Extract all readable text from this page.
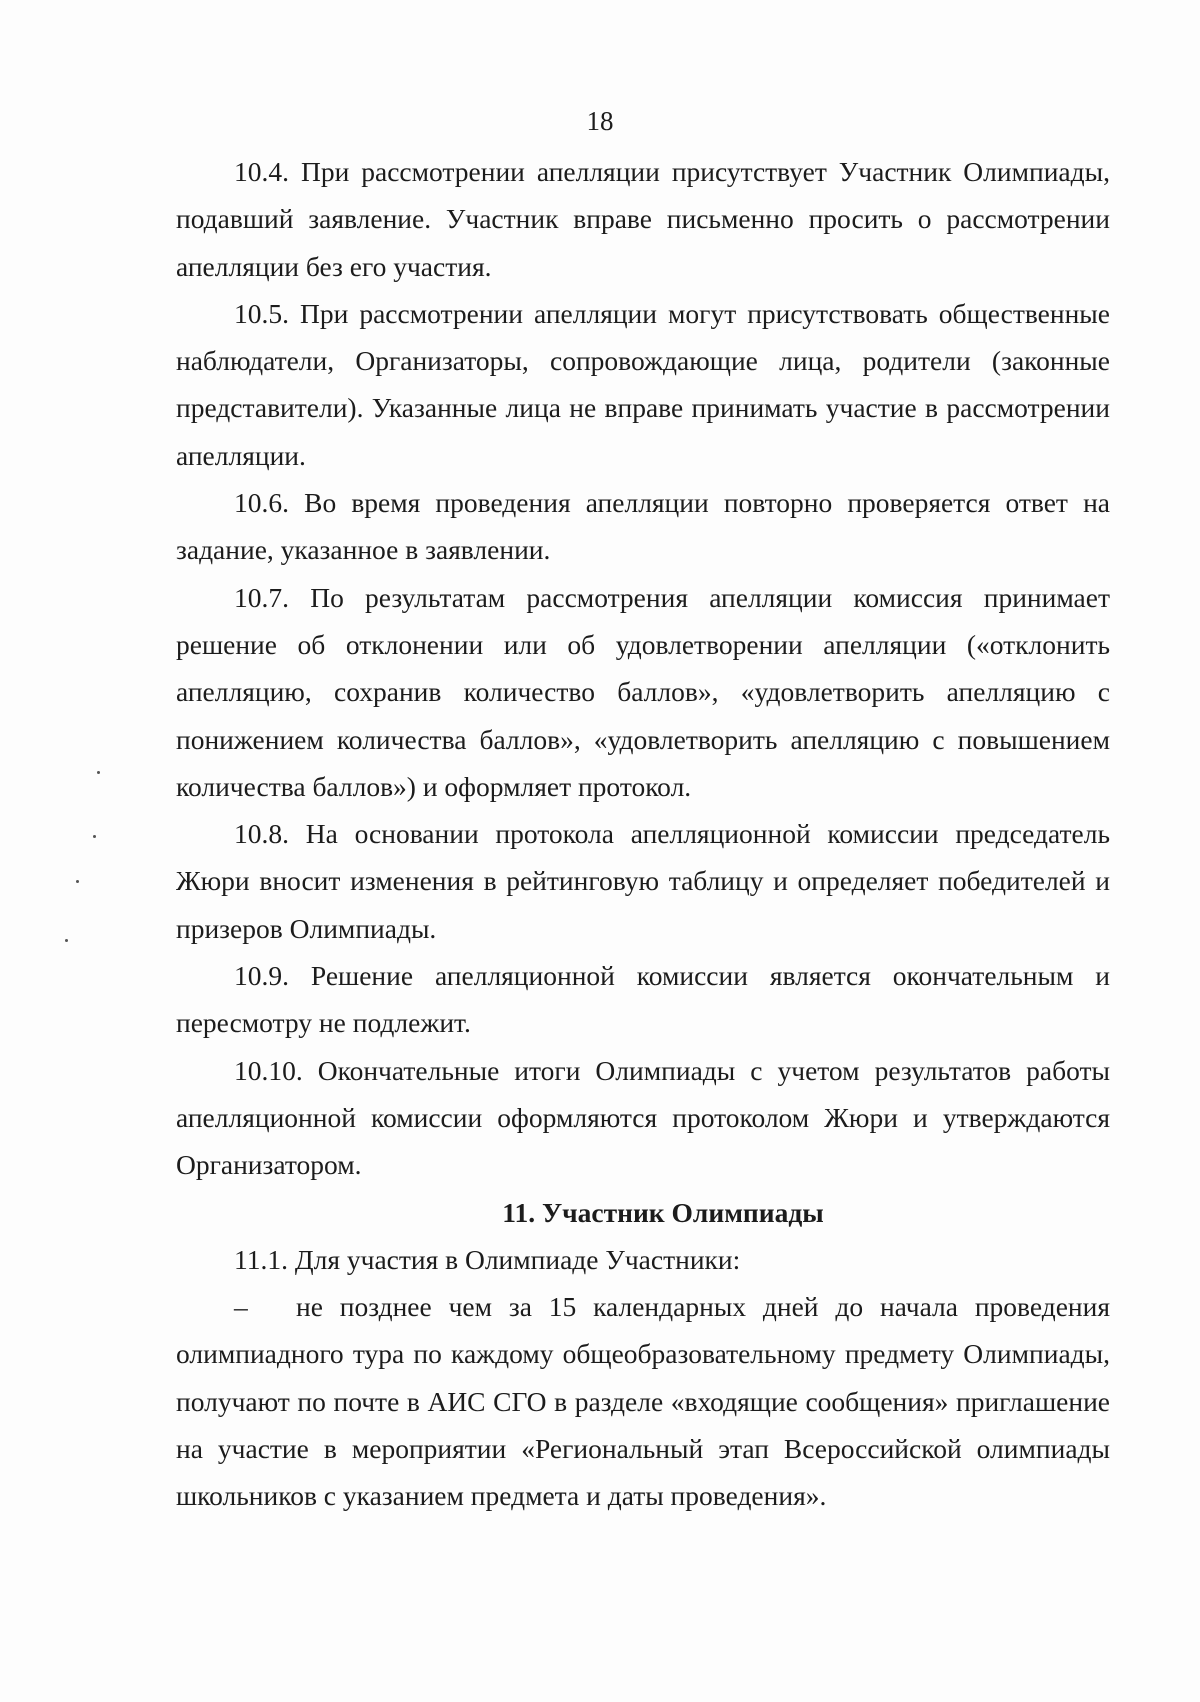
18

10.4. При рассмотрении апелляции присутствует Участник Олимпиады, подавший заявление. Участник вправе письменно просить о рассмотрении апелляции без его участия.

10.5. При рассмотрении апелляции могут присутствовать общественные наблюдатели, Организаторы, сопровождающие лица, родители (законные представители). Указанные лица не вправе принимать участие в рассмотрении апелляции.

10.6. Во время проведения апелляции повторно проверяется ответ на задание, указанное в заявлении.

10.7. По результатам рассмотрения апелляции комиссия принимает решение об отклонении или об удовлетворении апелляции («отклонить апелляцию, сохранив количество баллов», «удовлетворить апелляцию с понижением количества баллов», «удовлетворить апелляцию с повышением количества баллов») и оформляет протокол.

10.8. На основании протокола апелляционной комиссии председатель Жюри вносит изменения в рейтинговую таблицу и определяет победителей и призеров Олимпиады.

10.9. Решение апелляционной комиссии является окончательным и пересмотру не подлежит.

10.10. Окончательные итоги Олимпиады с учетом результатов работы апелляционной комиссии оформляются протоколом Жюри и утверждаются Организатором.

11. Участник Олимпиады

11.1. Для участия в Олимпиаде Участники:

– не позднее чем за 15 календарных дней до начала проведения олимпиадного тура по каждому общеобразовательному предмету Олимпиады, получают по почте в АИС СГО в разделе «входящие сообщения» приглашение на участие в мероприятии «Региональный этап Всероссийской олимпиады школьников с указанием предмета и даты проведения».
